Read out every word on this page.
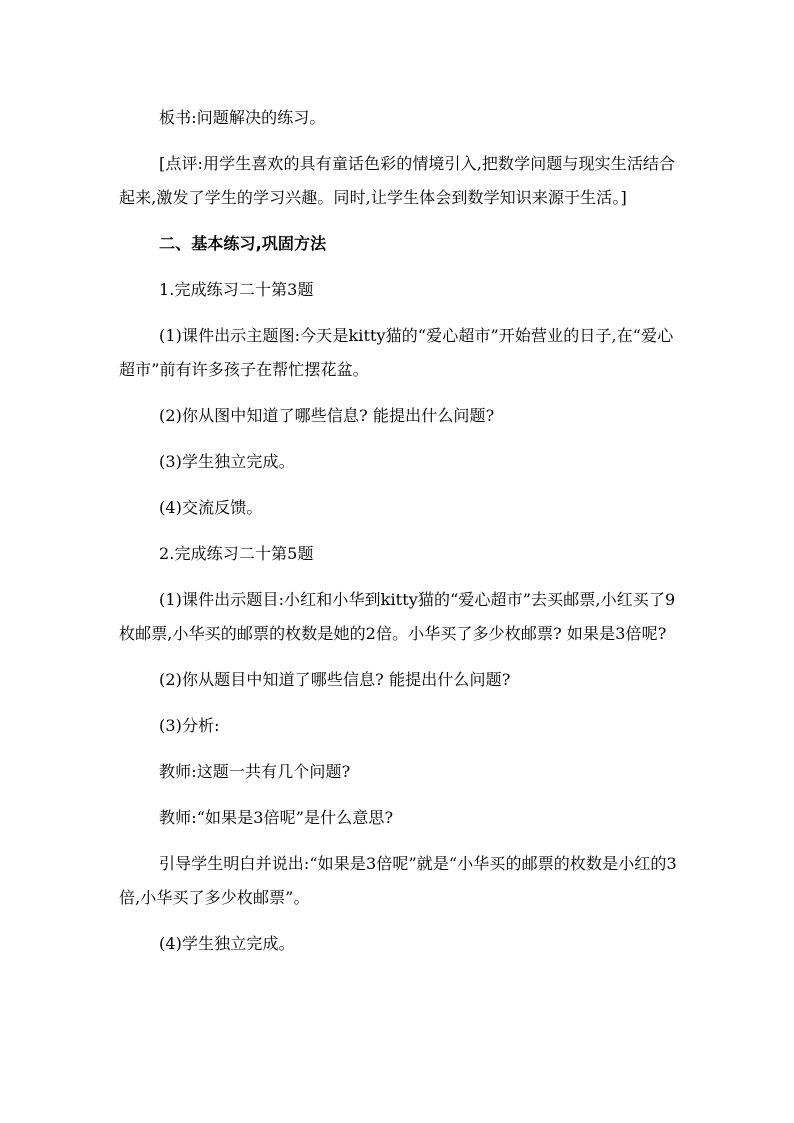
板书:问题解决的练习。

[点评:用学生喜欢的具有童话色彩的情境引入,把数学问题与现实生活结合起来,激发了学生的学习兴趣。同时,让学生体会到数学知识来源于生活。]

二、基本练习,巩固方法

1.完成练习二十第3题

(1)课件出示主题图:今天是kitty猫的“爱心超市”开始营业的日子,在“爱心超市”前有许多孩子在帮忙摆花盆。

(2)你从图中知道了哪些信息? 能提出什么问题?

(3)学生独立完成。

(4)交流反馈。

2.完成练习二十第5题

(1)课件出示题目:小红和小华到kitty猫的“爱心超市”去买邮票,小红买了9枚邮票,小华买的邮票的枚数是她的2倍。小华买了多少枚邮票? 如果是3倍呢?

(2)你从题目中知道了哪些信息? 能提出什么问题?

(3)分析:

教师:这题一共有几个问题?

教师:“如果是3倍呢”是什么意思?

引导学生明白并说出:“如果是3倍呢”就是“小华买的邮票的枚数是小红的3倍,小华买了多少枚邮票”。

(4)学生独立完成。
